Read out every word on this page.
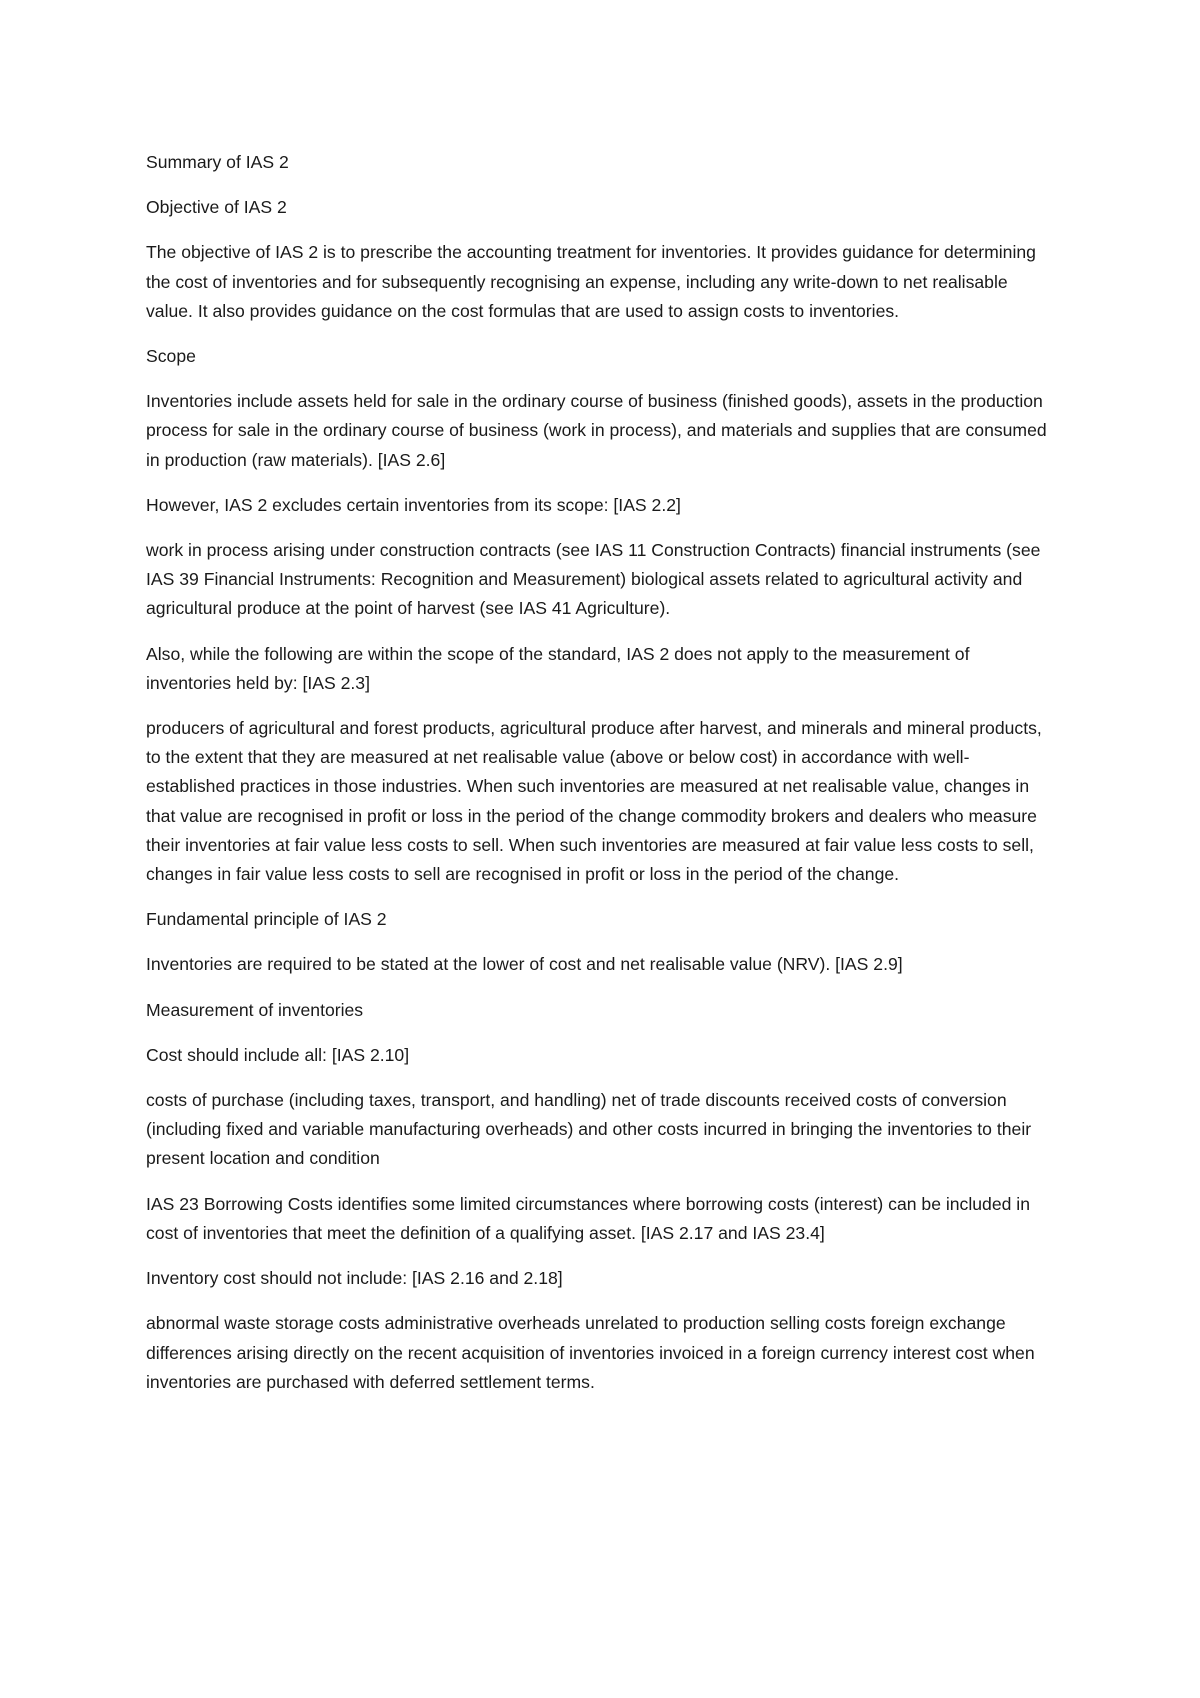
Summary of IAS 2

Objective of IAS 2

The objective of IAS 2 is to prescribe the accounting treatment for inventories. It provides guidance for determining the cost of inventories and for subsequently recognising an expense, including any write-down to net realisable value. It also provides guidance on the cost formulas that are used to assign costs to inventories.

Scope

Inventories include assets held for sale in the ordinary course of business (finished goods), assets in the production process for sale in the ordinary course of business (work in process), and materials and supplies that are consumed in production (raw materials). [IAS 2.6]

However, IAS 2 excludes certain inventories from its scope: [IAS 2.2]

work in process arising under construction contracts (see IAS 11 Construction Contracts) financial instruments (see IAS 39 Financial Instruments: Recognition and Measurement) biological assets related to agricultural activity and agricultural produce at the point of harvest (see IAS 41 Agriculture).

Also, while the following are within the scope of the standard, IAS 2 does not apply to the measurement of inventories held by: [IAS 2.3]

producers of agricultural and forest products, agricultural produce after harvest, and minerals and mineral products, to the extent that they are measured at net realisable value (above or below cost) in accordance with well-established practices in those industries. When such inventories are measured at net realisable value, changes in that value are recognised in profit or loss in the period of the change commodity brokers and dealers who measure their inventories at fair value less costs to sell. When such inventories are measured at fair value less costs to sell, changes in fair value less costs to sell are recognised in profit or loss in the period of the change.

Fundamental principle of IAS 2

Inventories are required to be stated at the lower of cost and net realisable value (NRV). [IAS 2.9]

Measurement of inventories

Cost should include all: [IAS 2.10]

costs of purchase (including taxes, transport, and handling) net of trade discounts received costs of conversion (including fixed and variable manufacturing overheads) and other costs incurred in bringing the inventories to their present location and condition

IAS 23 Borrowing Costs identifies some limited circumstances where borrowing costs (interest) can be included in cost of inventories that meet the definition of a qualifying asset. [IAS 2.17 and IAS 23.4]

Inventory cost should not include: [IAS 2.16 and 2.18]

abnormal waste storage costs administrative overheads unrelated to production selling costs foreign exchange differences arising directly on the recent acquisition of inventories invoiced in a foreign currency interest cost when inventories are purchased with deferred settlement terms.
